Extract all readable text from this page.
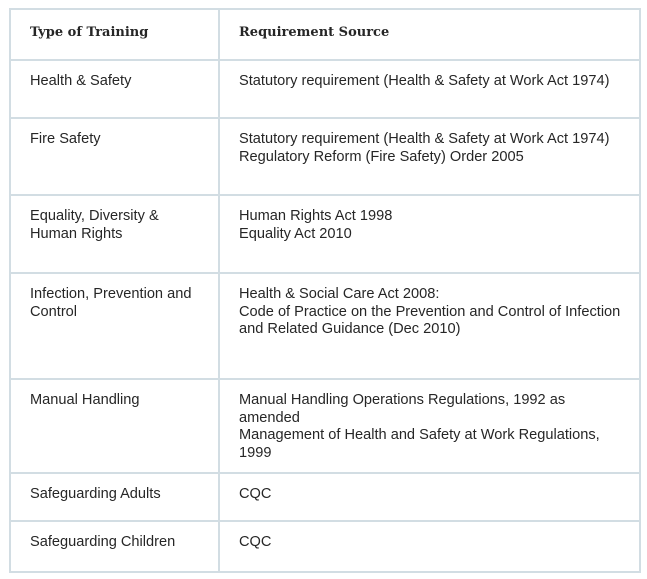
Type of Training	Requirement Source
Health & Safety	Statutory requirement (Health & Safety at Work Act 1974)

Fire Safety	Statutory requirement (Health & Safety at Work Act 1974)
Regulatory Reform (Fire Safety) Order 2005

Equality, Diversity & Human Rights	Human Rights Act 1998
Equality Act 2010

Infection, Prevention and Control	Health & Social Care Act 2008:
Code of Practice on the Prevention and Control of Infection and Related Guidance (Dec 2010)

Manual Handling	Manual Handling Operations Regulations, 1992 as amended
Management of Health and Safety at Work Regulations, 1999

Safeguarding Adults	CQC

Safeguarding Children	CQC
